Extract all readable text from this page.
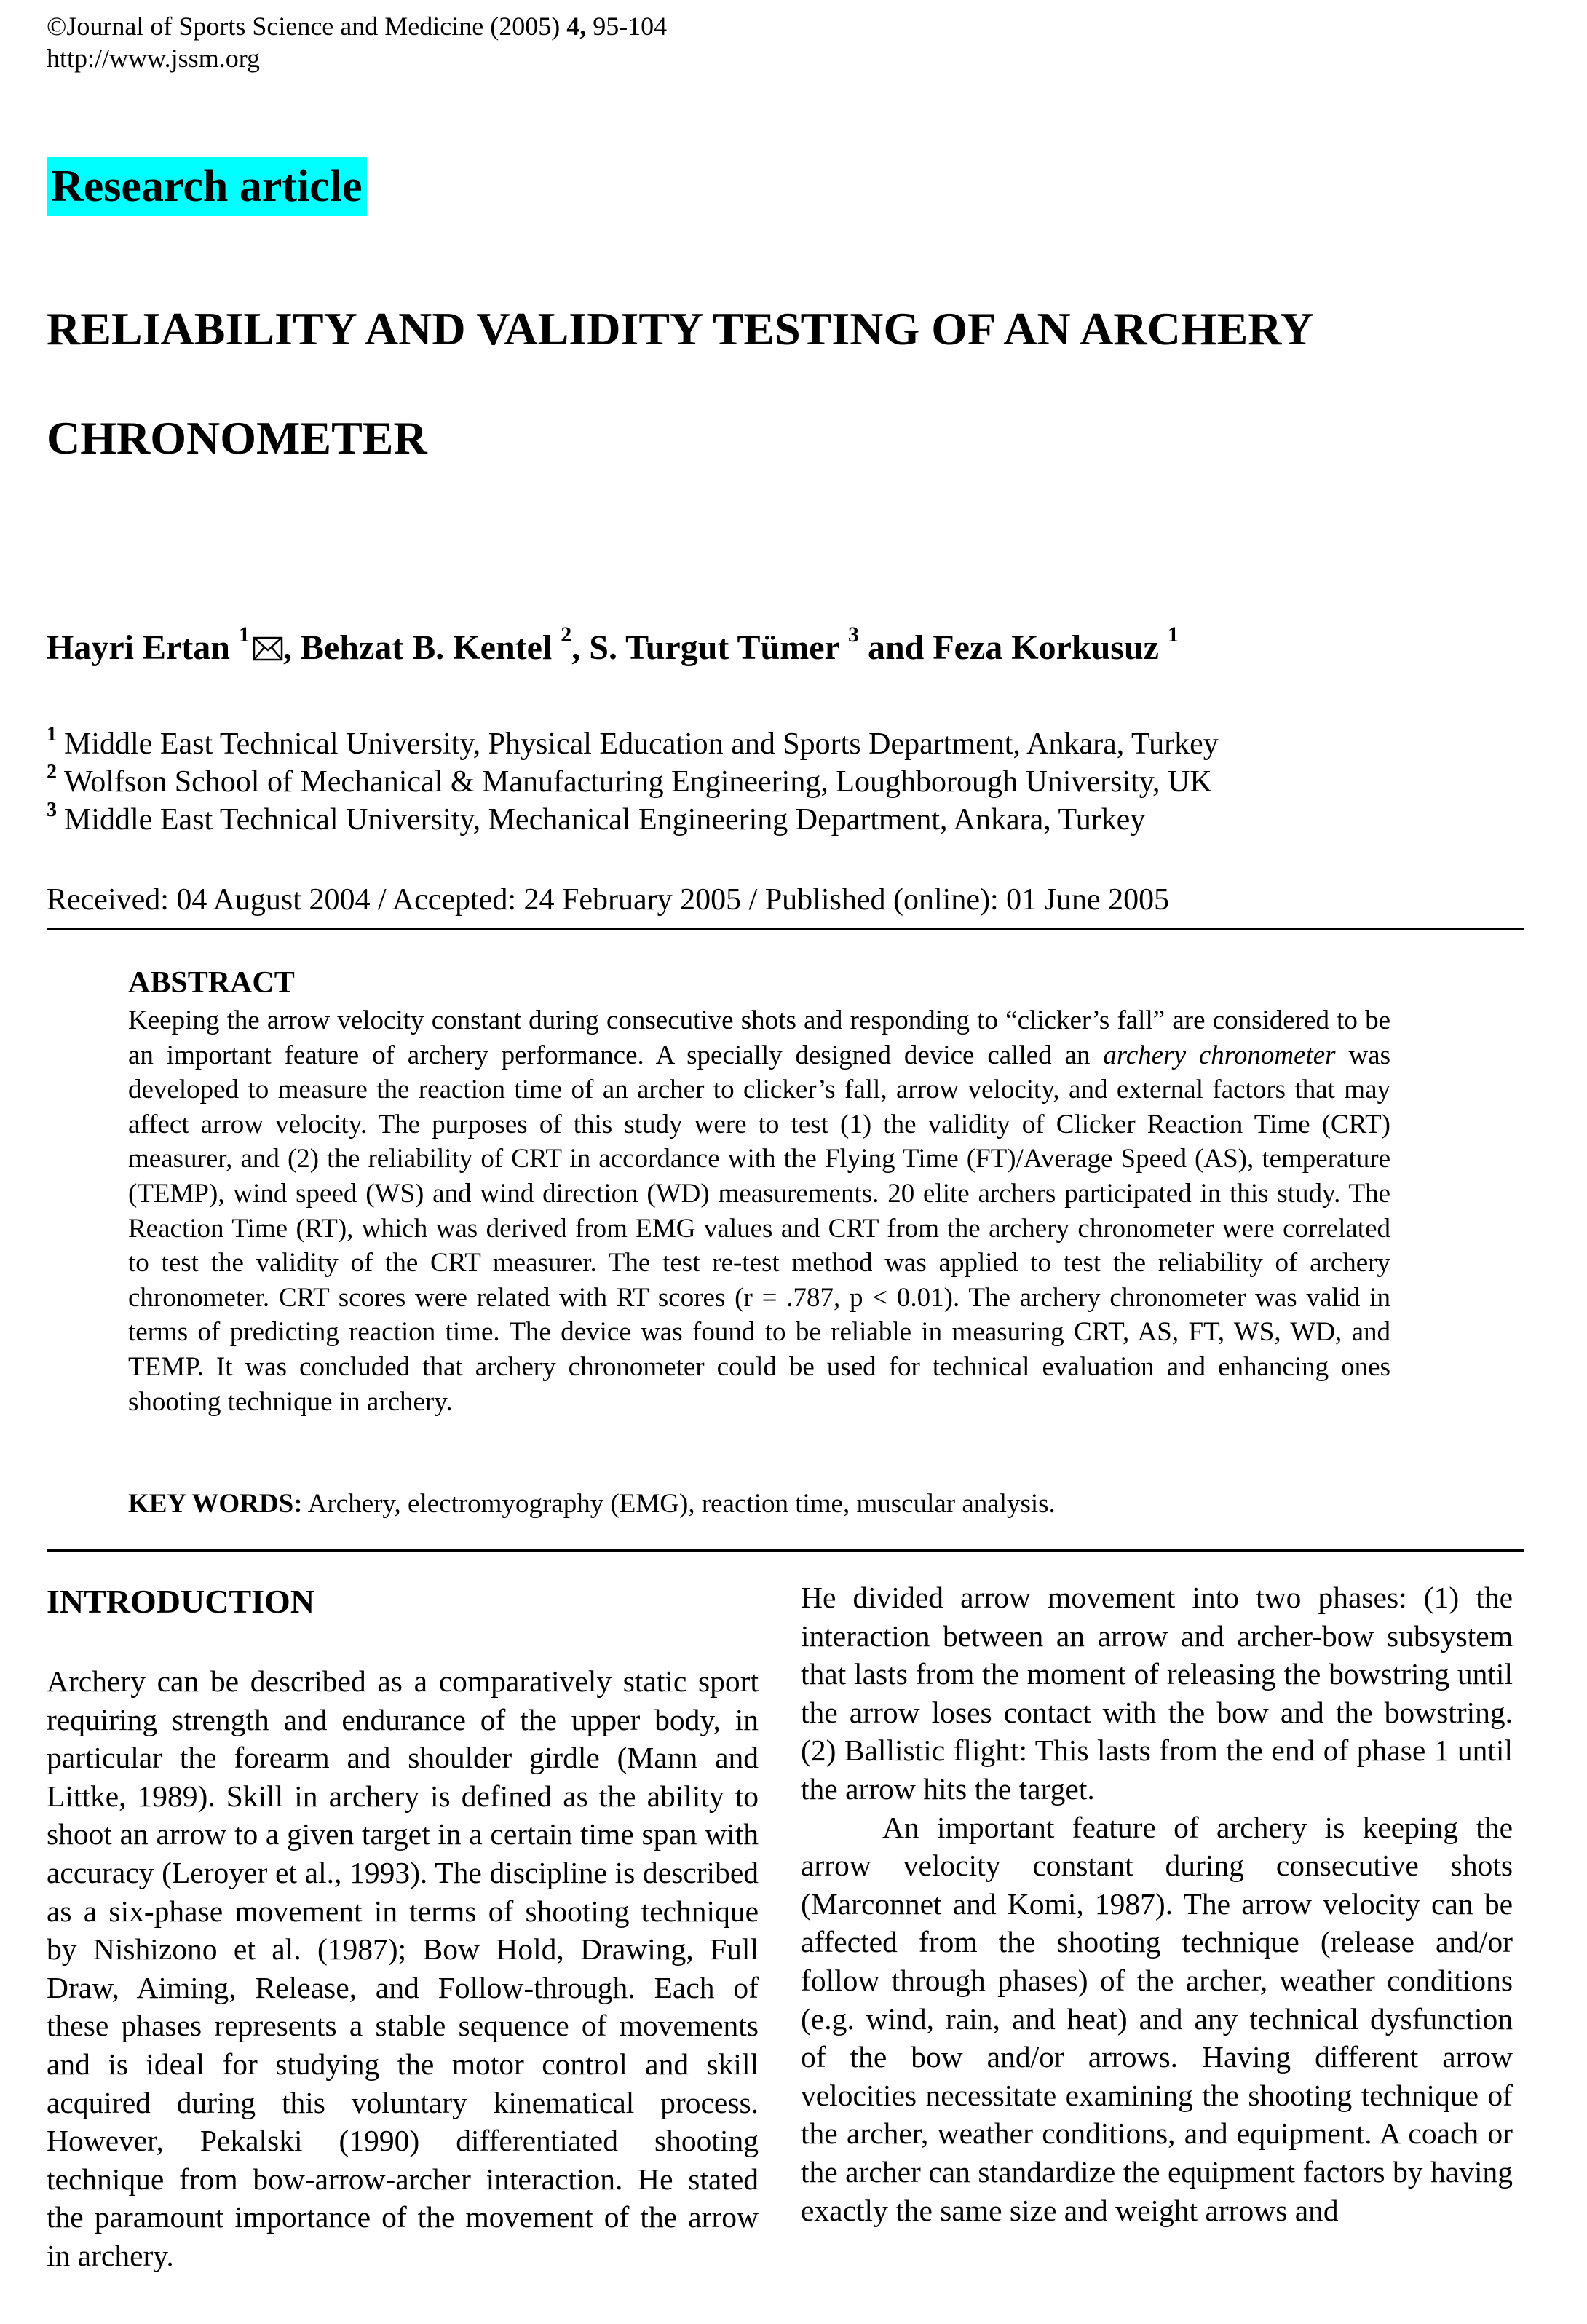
©Journal of Sports Science and Medicine (2005) 4, 95-104
http://www.jssm.org
Research article
RELIABILITY AND VALIDITY TESTING OF AN ARCHERY
CHRONOMETER
Hayri Ertan $^1$ , Behzat B. Kentel $^2$, S. Turgut Tümer $^3$ and Feza Korkusuz $^1$
$^1$ Middle East Technical University, Physical Education and Sports Department, Ankara, Turkey
$^2$ Wolfson School of Mechanical & Manufacturing Engineering, Loughborough University, UK
$^3$ Middle East Technical University, Mechanical Engineering Department, Ankara, Turkey
Received: 04 August 2004 / Accepted: 24 February 2005 / Published (online): 01 June 2005
ABSTRACT
Keeping the arrow velocity constant during consecutive shots and responding to “clicker’s fall” are considered to be an important feature of archery performance. A specially designed device called an archery chronometer was developed to measure the reaction time of an archer to clicker’s fall, arrow velocity, and external factors that may affect arrow velocity. The purposes of this study were to test (1) the validity of Clicker Reaction Time (CRT) measurer, and (2) the reliability of CRT in accordance with the Flying Time (FT)/Average Speed (AS), temperature (TEMP), wind speed (WS) and wind direction (WD) measurements. 20 elite archers participated in this study. The Reaction Time (RT), which was derived from EMG values and CRT from the archery chronometer were correlated to test the validity of the CRT measurer. The test re-test method was applied to test the reliability of archery chronometer. CRT scores were related with RT scores (r = .787, p < 0.01). The archery chronometer was valid in terms of predicting reaction time. The device was found to be reliable in measuring CRT, AS, FT, WS, WD, and TEMP. It was concluded that archery chronometer could be used for technical evaluation and enhancing ones shooting technique in archery.
KEY WORDS: Archery, electromyography (EMG), reaction time, muscular analysis.
INTRODUCTION

Archery can be described as a comparatively static sport requiring strength and endurance of the upper body, in particular the forearm and shoulder girdle (Mann and Littke, 1989). Skill in archery is defined as the ability to shoot an arrow to a given target in a certain time span with accuracy (Leroyer et al., 1993). The discipline is described as a six-phase movement in terms of shooting technique by Nishizono et al. (1987); Bow Hold, Drawing, Full Draw, Aiming, Release, and Follow-through. Each of these phases represents a stable sequence of movements and is ideal for studying the motor control and skill acquired during this voluntary kinematical process. However, Pekalski (1990) differentiated shooting technique from bow-arrow-archer interaction. He stated the paramount importance of the movement of the arrow in archery.

He divided arrow movement into two phases: (1) the interaction between an arrow and archer-bow subsystem that lasts from the moment of releasing the bowstring until the arrow loses contact with the bow and the bowstring. (2) Ballistic flight: This lasts from the end of phase 1 until the arrow hits the target.

An important feature of archery is keeping the arrow velocity constant during consecutive shots (Marconnet and Komi, 1987). The arrow velocity can be affected from the shooting technique (release and/or follow through phases) of the archer, weather conditions (e.g. wind, rain, and heat) and any technical dysfunction of the bow and/or arrows. Having different arrow velocities necessitate examining the shooting technique of the archer, weather conditions, and equipment. A coach or the archer can standardize the equipment factors by having exactly the same size and weight arrows and
